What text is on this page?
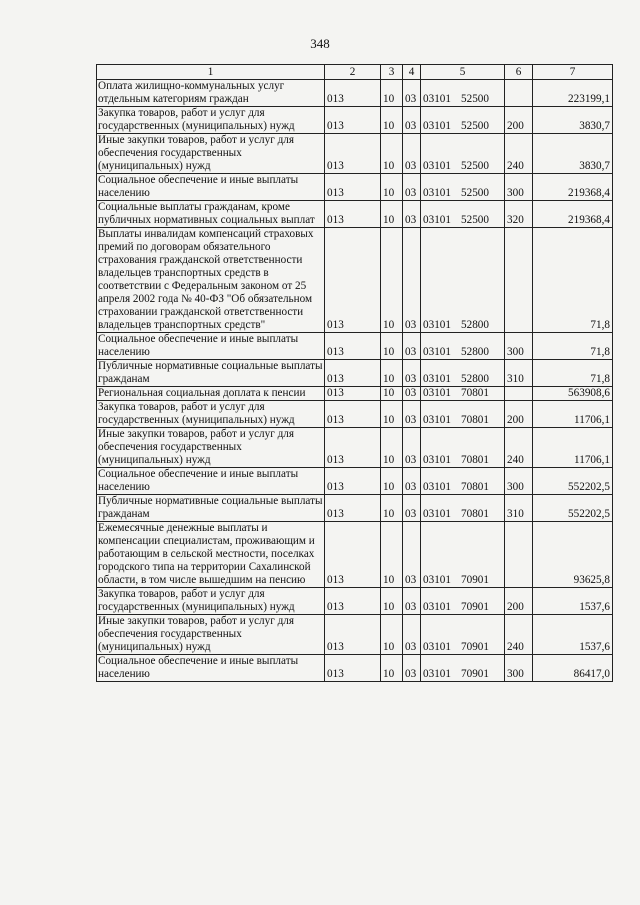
348
1	2	3	4	5	6	7
Оплата жилищно-коммунальных услуг отдельным категориям граждан	013	10	03	03101 52500		223199,1
Закупка товаров, работ и услуг для государственных (муниципальных) нужд	013	10	03	03101 52500	200	3830,7
Иные закупки товаров, работ и услуг для обеспечения государственных (муниципальных) нужд	013	10	03	03101 52500	240	3830,7
Социальное обеспечение и иные выплаты населению	013	10	03	03101 52500	300	219368,4
Социальные выплаты гражданам, кроме публичных нормативных социальных выплат	013	10	03	03101 52500	320	219368,4
Выплаты инвалидам компенсаций страховых премий по договорам обязательного страхования гражданской ответственности владельцев транспортных средств в соответствии с Федеральным законом от 25 апреля 2002 года № 40-ФЗ "Об обязательном страховании гражданской ответственности владельцев транспортных средств"	013	10	03	03101 52800		71,8
Социальное обеспечение и иные выплаты населению	013	10	03	03101 52800	300	71,8
Публичные нормативные социальные выплаты гражданам	013	10	03	03101 52800	310	71,8
Региональная социальная доплата к пенсии	013	10	03	03101 70801		563908,6
Закупка товаров, работ и услуг для государственных (муниципальных) нужд	013	10	03	03101 70801	200	11706,1
Иные закупки товаров, работ и услуг для обеспечения государственных (муниципальных) нужд	013	10	03	03101 70801	240	11706,1
Социальное обеспечение и иные выплаты населению	013	10	03	03101 70801	300	552202,5
Публичные нормативные социальные выплаты гражданам	013	10	03	03101 70801	310	552202,5
Ежемесячные денежные выплаты и компенсации специалистам, проживающим и работающим в сельской местности, поселках городского типа на территории Сахалинской области, в том числе вышедшим на пенсию	013	10	03	03101 70901		93625,8
Закупка товаров, работ и услуг для государственных (муниципальных) нужд	013	10	03	03101 70901	200	1537,6
Иные закупки товаров, работ и услуг для обеспечения государственных (муниципальных) нужд	013	10	03	03101 70901	240	1537,6
Социальное обеспечение и иные выплаты населению	013	10	03	03101 70901	300	86417,0
